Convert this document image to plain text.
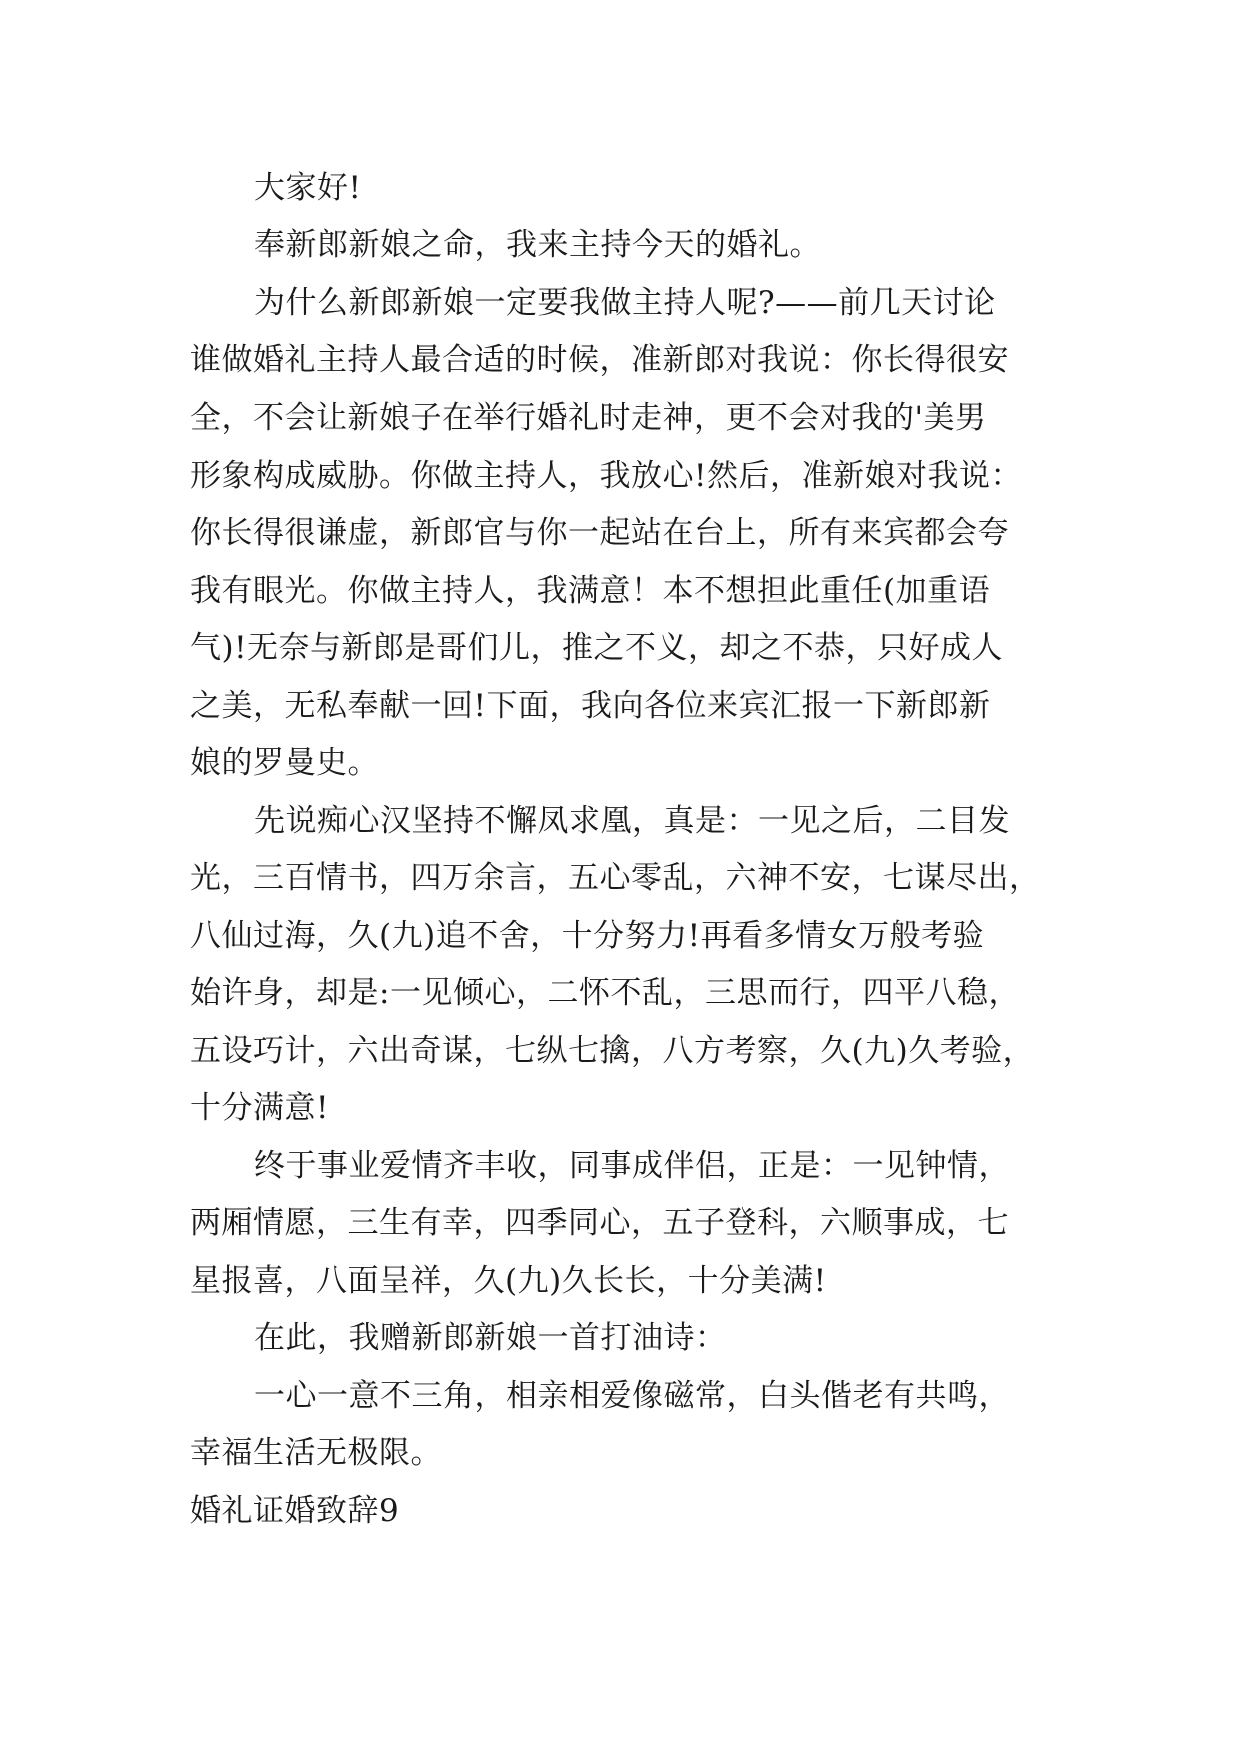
大家好!
奉新郎新娘之命，我来主持今天的婚礼。
为什么新郎新娘一定要我做主持人呢?——前几天讨论
谁做婚礼主持人最合适的时候，准新郎对我说：你长得很安
全，不会让新娘子在举行婚礼时走神，更不会对我的'美男
形象构成威胁。你做主持人，我放心!然后，准新娘对我说：
你长得很谦虚，新郎官与你一起站在台上，所有来宾都会夸
我有眼光。你做主持人，我满意！本不想担此重任(加重语
气)!无奈与新郎是哥们儿，推之不义，却之不恭，只好成人
之美，无私奉献一回!下面，我向各位来宾汇报一下新郎新
娘的罗曼史。
先说痴心汉坚持不懈凤求凰，真是：一见之后，二目发
光，三百情书，四万余言，五心零乱，六神不安，七谋尽出，
八仙过海，久(九)追不舍，十分努力!再看多情女万般考验
始许身，却是:一见倾心，二怀不乱，三思而行，四平八稳，
五设巧计，六出奇谋，七纵七擒，八方考察，久(九)久考验，
十分满意!
终于事业爱情齐丰收，同事成伴侣，正是：一见钟情，
两厢情愿，三生有幸，四季同心，五子登科，六顺事成，七
星报喜，八面呈祥，久(九)久长长，十分美满!
在此，我赠新郎新娘一首打油诗：
一心一意不三角，相亲相爱像磁常，白头偕老有共鸣，
幸福生活无极限。
婚礼证婚致辞9
